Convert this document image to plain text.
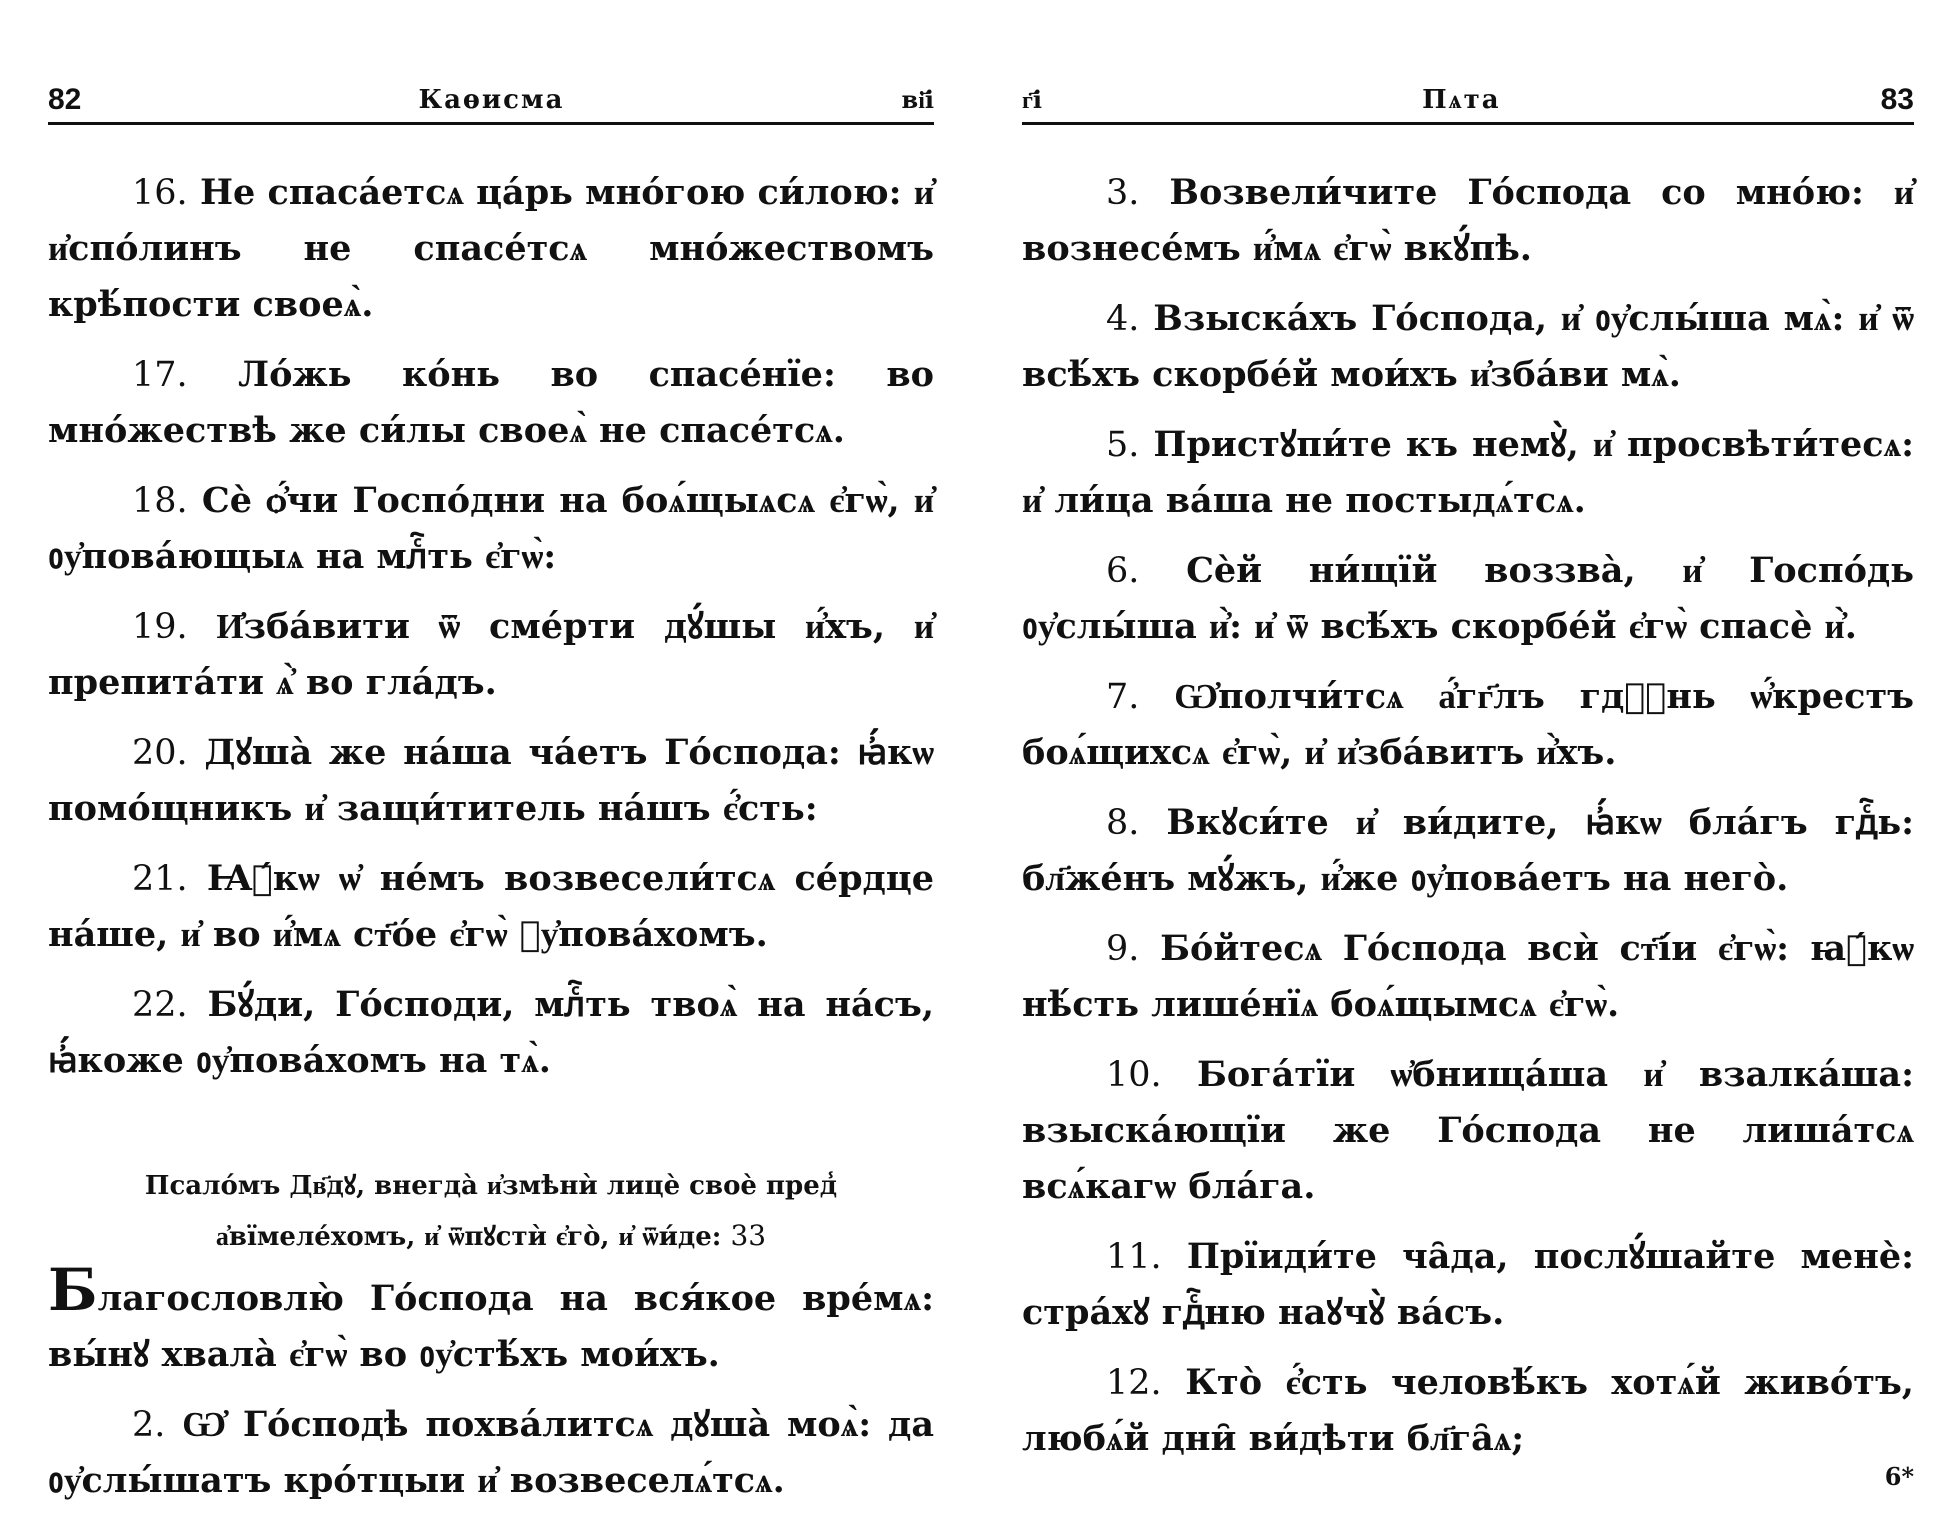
82	Каѳисма	ві҃і

16. Не спаса́етсѧ ца́рь мно́гою си́лою: и҆ и҆спо́линъ не спасе́тсѧ мно́жествомъ крѣ́пости своеѧ̀.

17. Ло́жь ко́нь во спасе́нїе: во мно́жествѣ же си́лы своеѧ̀ не спасе́тсѧ.

18. Сѐ ѻ҆́чи Госпо́дни на боѧ́щыѧсѧ є҆гѡ̀, и҆ ᲂу҆пова́ющыѧ на млⷭ҇ть є҆гѡ̀:

19. И҆зба́вити ѿ сме́рти дꙋ́шы и҆́хъ, и҆ препита́ти ѧ҆̀ во гла́дъ.

20. Дꙋша̀ же на́ша ча́етъ Го́спода: ꙗ҆́кѡ помо́щникъ и҆ защи́титель на́шъ є҆́сть:

21. Ꙗ҆́кѡ ѡ҆ не́мъ возвесели́тсѧ се́рдце на́ше, и҆ во и҆́мѧ ст҃о́е є҆гѡ̀ ᲂу҆пова́хомъ.

22. Бꙋ́ди, Го́споди, млⷭ҇ть твоѧ̀ на на́съ, ꙗ҆́коже ᲂу҆пова́хомъ на тѧ̀.

Псало́мъ Дв҃дꙋ, внегда̀ и҆змѣнѝ лицѐ своѐ пред̾ а҆вїмеле́хомъ, и҆ ѿпꙋстѝ є҆го̀, и҆ ѿи́де: 33

Благословлю̀ Го́спода на вся́кое вре́мѧ: вы́нꙋ хвала̀ є҆гѡ̀ во ᲂу҆стѣ́хъ мои́хъ.

2. Ѡ҆ Го́сподѣ похва́литсѧ дꙋша̀ моѧ̀: да ᲂу҆слы́шатъ кро́тцыи и҆ возвеселѧ́тсѧ.

г҃і	Пѧта	83

3. Возвели́чите Го́спода со мно́ю: и҆ вознесе́мъ и҆́мѧ є҆гѡ̀ вкꙋ́пѣ.

4. Взыска́хъ Го́спода, и҆ ᲂу҆слы́ша мѧ̀: и҆ ѿ всѣ́хъ скорбе́й мои́хъ и҆зба́ви мѧ̀.

5. Пристꙋпи́те къ немꙋ̀, и҆ просвѣти́тесѧ: и҆ ли́ца ва́ша не постыдѧ́тсѧ.

6. Сѐй ни́щїй воззва̀, и҆ Госпо́дь ᲂу҆слы́ша и҆̀: и҆ ѿ всѣ́хъ скорбе́й є҆гѡ̀ спасѐ и҆̀.

7. Ѡ҆полчи́тсѧ а҆́гг҃лъ гдⷭ҇нь ѡ҆́крестъ боѧ́щихсѧ є҆гѡ̀, и҆ и҆зба́витъ и҆̀хъ.

8. Вкꙋси́те и҆ ви́дите, ꙗ҆́кѡ бла́гъ гдⷭ҇ь: бл҃же́нъ мꙋ́жъ, и҆́же ᲂу҆пова́етъ на него̀.

9. Бо́йтесѧ Го́спода всѝ ст҃і́и є҆гѡ̀: ꙗ҆́кѡ нѣ́сть лише́нїѧ боѧ́щымсѧ є҆гѡ̀.

10. Бога́тїи ѡ҆бнища́ша и҆ взалка́ша: взыска́ющїи же Го́спода не лиша́тсѧ всѧ́кагѡ бла́га.

11. Прїиди́те ча̑да, послꙋ́шайте менѐ: стра́хꙋ гдⷭ҇ню наꙋчꙋ̀ ва́съ.

12. Кто̀ є҆́сть человѣ́къ хотѧ́й живо́тъ, любѧ́й дни̑ ви́дѣти бл҃га̑ѧ;

6*
